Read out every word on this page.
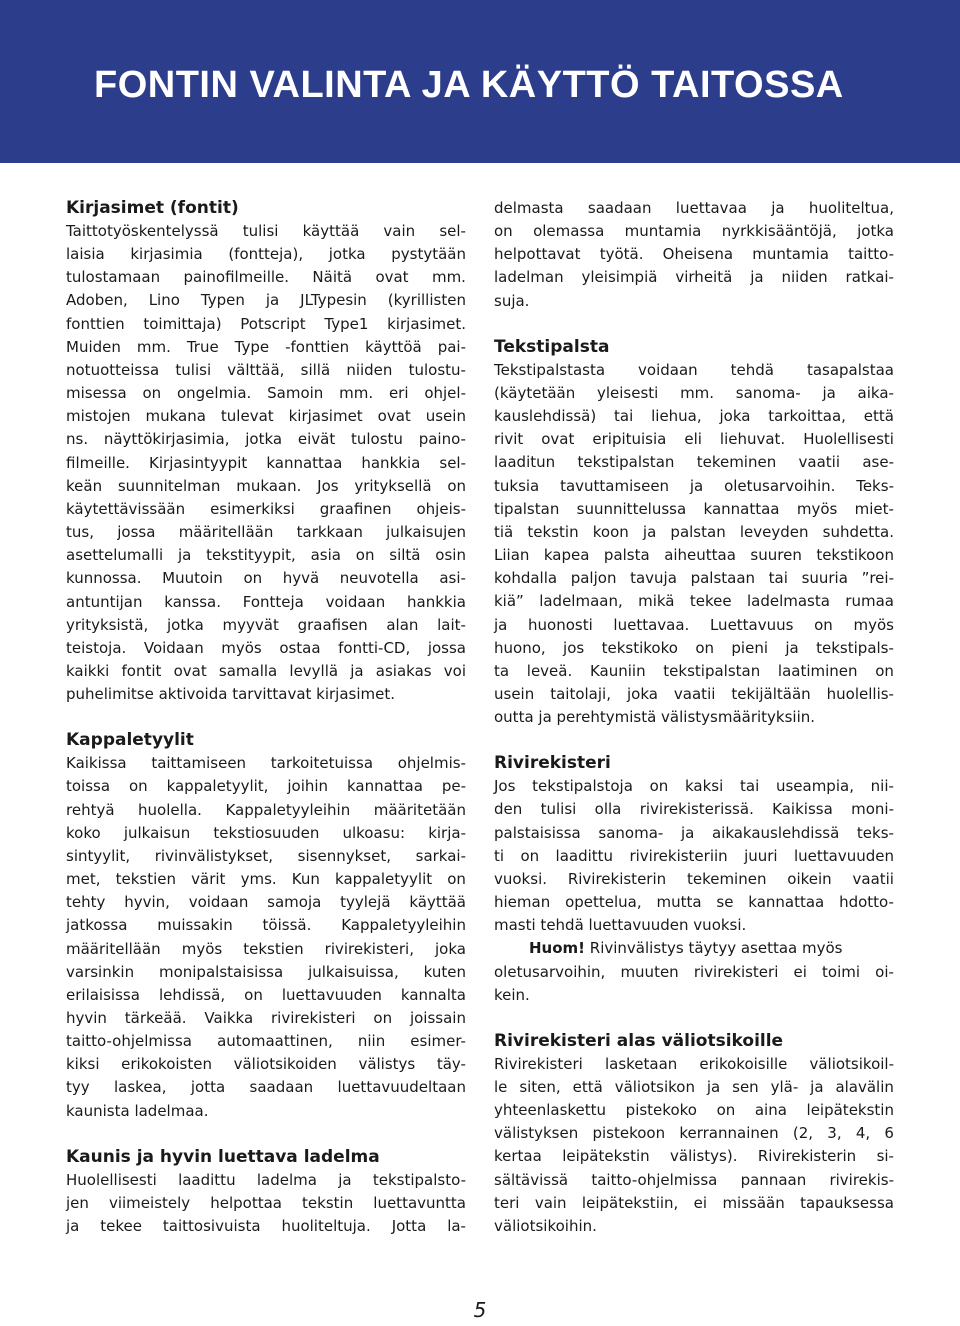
FONTIN VALINTA JA KÄYTTÖ TAITOSSA
Kirjasimet (fontit)
Taittotyöskentelyssä tulisi käyttää vain sel-
laisia kirjasimia (fontteja), jotka pystytään
tulostamaan painofilmeille. Näitä ovat mm.
Adoben, Lino Typen ja JLTypesin (kyrillisten
fonttien toimittaja) Potscript Type1 kirjasimet.
Muiden mm. True Type -fonttien käyttöä pai-
notuotteissa tulisi välttää, sillä niiden tulostu-
misessa on ongelmia. Samoin mm. eri ohjel-
mistojen mukana tulevat kirjasimet ovat usein
ns. näyttökirjasimia, jotka eivät tulostu paino-
filmeille. Kirjasintyypit kannattaa hankkia sel-
keän suunnitelman mukaan. Jos yrityksellä on
käytettävissään esimerkiksi graafinen ohjeis-
tus, jossa määritellään tarkkaan julkaisujen
asettelumalli ja tekstityypit, asia on siltä osin
kunnossa. Muutoin on hyvä neuvotella asi-
antuntijan kanssa. Fontteja voidaan hankkia
yrityksistä, jotka myyvät graafisen alan lait-
teistoja. Voidaan myös ostaa fontti-CD, jossa
kaikki fontit ovat samalla levyllä ja asiakas voi
puhelimitse aktivoida tarvittavat kirjasimet.
Kappaletyylit
Kaikissa taittamiseen tarkoitetuissa ohjelmis-
toissa on kappaletyylit, joihin kannattaa pe-
rehtyä huolella. Kappaletyyleihin määritetään
koko julkaisun tekstiosuuden ulkoasu: kirja-
sintyylit, rivinvälistykset, sisennykset, sarkai-
met, tekstien värit yms. Kun kappaletyylit on
tehty hyvin, voidaan samoja tyylejä käyttää
jatkossa muissakin töissä. Kappaletyyleihin
määritellään myös tekstien rivirekisteri, joka
varsinkin monipalstaisissa julkaisuissa, kuten
erilaisissa lehdissä, on luettavuuden kannalta
hyvin tärkeää. Vaikka rivirekisteri on joissain
taitto-ohjelmissa automaattinen, niin esimer-
kiksi erikokoisten väliotsikoiden välistys täy-
tyy laskea, jotta saadaan luettavuudeltaan
kaunista ladelmaa.
Kaunis ja hyvin luettava ladelma
Huolellisesti laadittu ladelma ja tekstipalsto-
jen viimeistely helpottaa tekstin luettavuntta
ja tekee taittosivuista huoliteltuja. Jotta la-
delmasta saadaan luettavaa ja huoliteltua,
on olemassa muntamia nyrkkisääntöjä, jotka
helpottavat työtä. Oheisena muntamia taitto-
ladelman yleisimpiä virheitä ja niiden ratkai-
suja.
Tekstipalsta
Tekstipalstasta voidaan tehdä tasapalstaa
(käytetään yleisesti mm. sanoma- ja aika-
kauslehdissä) tai liehua, joka tarkoittaa, että
rivit ovat eripituisia eli liehuvat. Huolellisesti
laaditun tekstipalstan tekeminen vaatii ase-
tuksia tavuttamiseen ja oletusarvoihin. Teks-
tipalstan suunnittelussa kannattaa myös miet-
tiä tekstin koon ja palstan leveyden suhdetta.
Liian kapea palsta aiheuttaa suuren tekstikoon
kohdalla paljon tavuja palstaan tai suuria ”rei-
kiä” ladelmaan, mikä tekee ladelmasta rumaa
ja huonosti luettavaa. Luettavuus on myös
huono, jos tekstikoko on pieni ja tekstipals-
ta leveä. Kauniin tekstipalstan laatiminen on
usein taitolaji, joka vaatii tekijältään huolellis-
outta ja perehtymistä välistysmäärityksiin.
Rivirekisteri
Jos tekstipalstoja on kaksi tai useampia, nii-
den tulisi olla rivirekisterissä. Kaikissa moni-
palstaisissa sanoma- ja aikakauslehdissä teks-
ti on laadittu rivirekisteriin juuri luettavuuden
vuoksi. Rivirekisterin tekeminen oikein vaatii
hieman opettelua, mutta se kannattaa hdotto-
masti tehdä luettavuuden vuoksi.
Huom! Rivinvälistys täytyy asettaa myös
oletusarvoihin, muuten rivirekisteri ei toimi oi-
kein.
Rivirekisteri alas väliotsikoille
Rivirekisteri lasketaan erikokoisille väliotsikoil-
le siten, että väliotsikon ja sen ylä- ja alavälin
yhteenlaskettu pistekoko on aina leipätekstin
välistyksen pistekoon kerrannainen (2, 3, 4, 6
kertaa leipätekstin välistys). Rivirekisterin si-
sältävissä taitto-ohjelmissa pannaan rivirekis-
teri vain leipätekstiin, ei missään tapauksessa
väliotsikoihin.
5
